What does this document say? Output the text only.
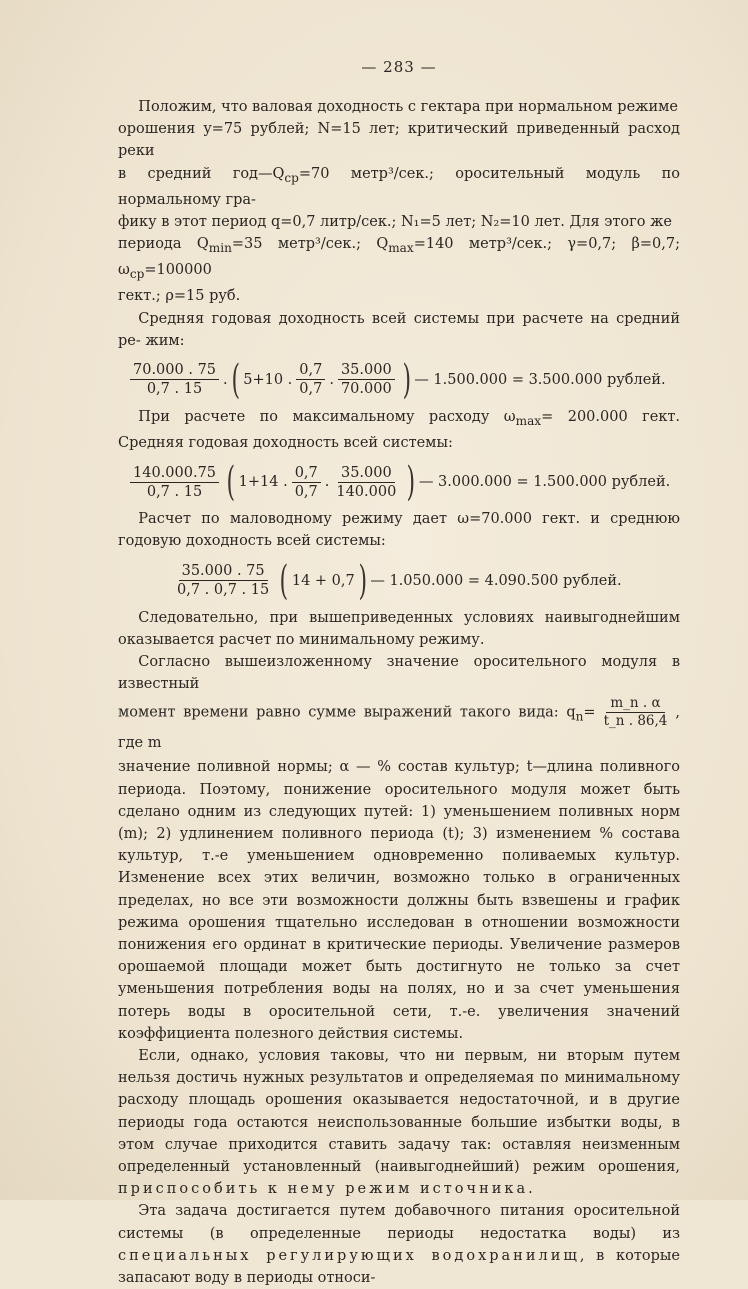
— 283 —

Положим, что валовая доходность с гектара при нормальном режиме

орошения y=75 рублей; N=15 лет; критический приведенный расход реки

в средний $год—Q_{ср}=70$ метр³/сек.; оросительный модуль по нормальному гра-

фику в этот период q=0,7 литр/сек.; N₁=5 лет; N₂=10 лет. Для этого же

периода $Q_{min}=35$ метр³/сек.; $Q_{max}=140$ метр³/сек.; γ=0,7; β=0,7; $\omega_{ср}=100000$

гект.; ρ=15 руб.

Средняя годовая доходность всей системы при расчете на средний ре- жим:

$\frac{70.000 . 75}{0,7 . 15}$ . ( 5+10 . $\frac{0,7}{0,7}$ . $\frac{35.000}{70.000}$ ) — 1.500.000 = 3.500.000 рублей.

При расчете по максимальному расходу $\omega_{max}= 200.000$ гект. Средняя годовая доходность всей системы:

$\frac{140.000.75}{0,7 . 15}$ ( 1+14 . $\frac{0,7}{0,7}$ . $\frac{35.000}{140.000}$ ) — 3.000.000 = 1.500.000 рублей.

Расчет по маловодному режиму дает ω=70.000 гект. и среднюю годовую доходность всей системы:

$\frac{35.000 . 75}{0,7 . 0,7 . 15}$ ( 14 + 0,7 ) — 1.050.000 = 4.090.500 рублей.

Следовательно, при вышеприведенных условиях наивыгоднейшим оказывается расчет по минимальному режиму.

Согласно вышеизложенному значение оросительного модуля в известный

момент времени равно сумме выражений такого вида: $q_n= \frac{m\_n . \alpha}{t\_n . 86,4}$ , где m

значение поливной нормы; α — % состав культур; t—длина поливного периода. Поэтому, понижение оросительного модуля может быть сделано одним из следующих путей: 1) уменьшением поливных норм (m); 2) удлинением поливного периода (t); 3) изменением % состава культур, т.-е уменьшением одновременно поливаемых культур. Изменение всех этих величин, возможно только в ограниченных пределах, но все эти возможности должны быть взвешены и график режима орошения тщательно исследован в отношении возможности понижения его ординат в критические периоды. Увеличение размеров орошаемой площади может быть достигнуто не только за счет уменьшения потребления воды на полях, но и за счет уменьшения потерь воды в оросительной сети, т.-е. увеличения значений коэффициента полезного действия системы.

Если, однако, условия таковы, что ни первым, ни вторым путем нельзя достичь нужных результатов и определяемая по минимальному расходу площадь орошения оказывается недостаточной, и в другие периоды года остаются неиспользованные большие избытки воды, в этом случае приходится ставить задачу так: оставляя неизменным определенный установленный (наивыгоднейший) режим орошения, приспособить к нему режим источника.

Эта задача достигается путем добавочного питания оросительной системы (в определенные периоды недостатка воды) из специальных регулирующих водохранилищ, в которые запасают воду в периоды относи-
